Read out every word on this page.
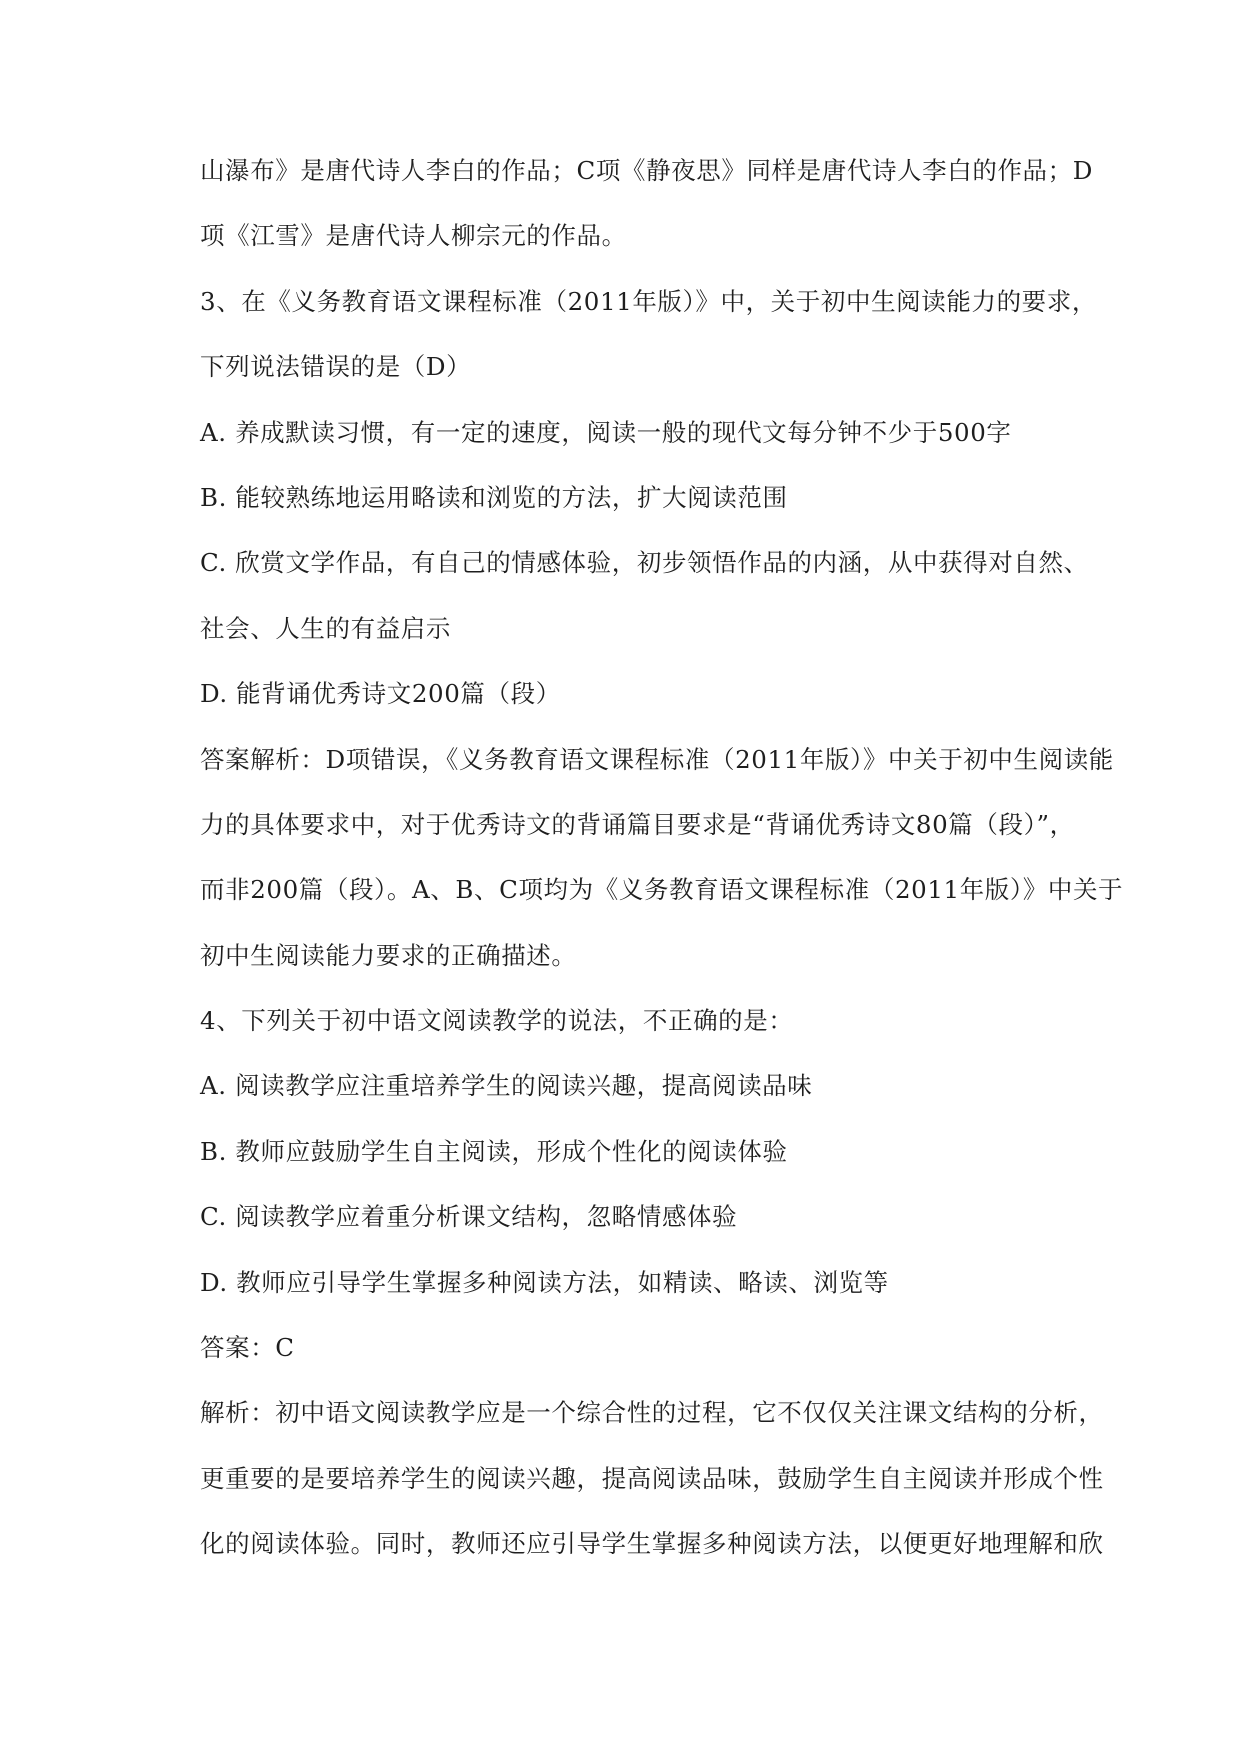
山瀑布》是唐代诗人李白的作品；C项《静夜思》同样是唐代诗人李白的作品；D
项《江雪》是唐代诗人柳宗元的作品。
3、在《义务教育语文课程标准（2011年版）》中，关于初中生阅读能力的要求，
下列说法错误的是（D）
A. 养成默读习惯，有一定的速度，阅读一般的现代文每分钟不少于500字
B. 能较熟练地运用略读和浏览的方法，扩大阅读范围
C. 欣赏文学作品，有自己的情感体验，初步领悟作品的内涵，从中获得对自然、
社会、人生的有益启示
D. 能背诵优秀诗文200篇（段）
答案解析：D项错误，《义务教育语文课程标准（2011年版）》中关于初中生阅读能
力的具体要求中，对于优秀诗文的背诵篇目要求是“背诵优秀诗文80篇（段）”，
而非200篇（段）。A、B、C项均为《义务教育语文课程标准（2011年版）》中关于
初中生阅读能力要求的正确描述。
4、下列关于初中语文阅读教学的说法，不正确的是：
A. 阅读教学应注重培养学生的阅读兴趣，提高阅读品味
B. 教师应鼓励学生自主阅读，形成个性化的阅读体验
C. 阅读教学应着重分析课文结构，忽略情感体验
D. 教师应引导学生掌握多种阅读方法，如精读、略读、浏览等
答案：C
解析：初中语文阅读教学应是一个综合性的过程，它不仅仅关注课文结构的分析，
更重要的是要培养学生的阅读兴趣，提高阅读品味，鼓励学生自主阅读并形成个性
化的阅读体验。同时，教师还应引导学生掌握多种阅读方法，以便更好地理解和欣
